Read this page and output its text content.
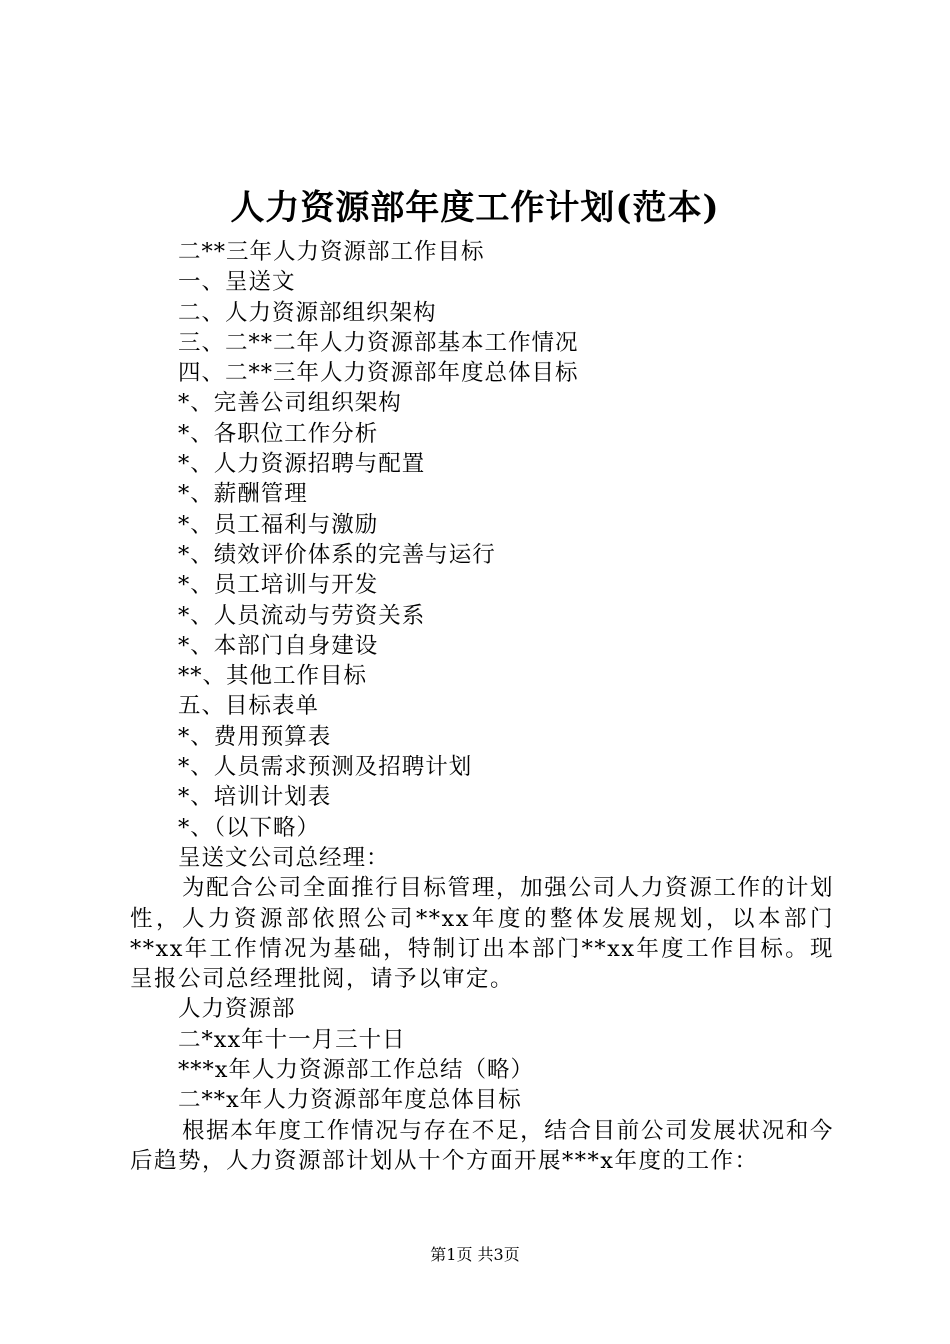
人力资源部年度工作计划(范本)
二**三年人力资源部工作目标
一、呈送文
二、人力资源部组织架构
三、二**二年人力资源部基本工作情况
四、二**三年人力资源部年度总体目标
*、完善公司组织架构
*、各职位工作分析
*、人力资源招聘与配置
*、薪酬管理
*、员工福利与激励
*、绩效评价体系的完善与运行
*、员工培训与开发
*、人员流动与劳资关系
*、本部门自身建设
**、其他工作目标
五、目标表单
*、费用预算表
*、人员需求预测及招聘计划
*、培训计划表
*、（以下略）
呈送文公司总经理：
为配合公司全面推行目标管理，加强公司人力资源工作的计划性，人力资源部依照公司**xx年度的整体发展规划，以本部门**xx年工作情况为基础，特制订出本部门**xx年度工作目标。现呈报公司总经理批阅，请予以审定。
人力资源部
二*xx年十一月三十日
***x年人力资源部工作总结（略）
二**x年人力资源部年度总体目标
根据本年度工作情况与存在不足，结合目前公司发展状况和今后趋势，人力资源部计划从十个方面开展***x年度的工作：
第1页 共3页
